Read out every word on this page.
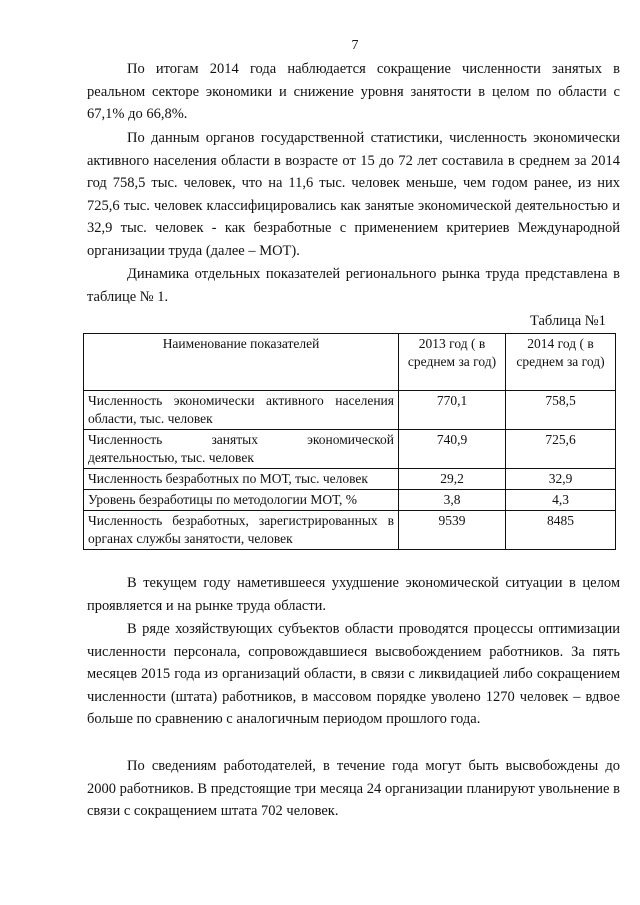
7

По итогам 2014 года наблюдается сокращение численности занятых в реальном секторе экономики и снижение уровня занятости в целом по области с 67,1% до 66,8%.

По данным органов государственной статистики, численность экономически активного населения области в возрасте от 15 до 72 лет составила в среднем за 2014 год 758,5 тыс. человек, что на 11,6 тыс. человек меньше, чем годом ранее, из них 725,6 тыс. человек классифицировались как занятые экономической деятельностью и 32,9 тыс. человек - как безработные с применением критериев Международной организации труда (далее – МОТ).

Динамика отдельных показателей регионального рынка труда представлена в таблице № 1.

Таблица №1
Наименование показателей	2013 год ( в среднем за год)	2014 год ( в среднем за год)
Численность экономически активного населения области, тыс. человек	770,1	758,5
Численность занятых экономической деятельностью, тыс. человек	740,9	725,6
Численность безработных по МОТ, тыс. человек	29,2	32,9
Уровень безработицы по методологии МОТ, %	3,8	4,3
Численность безработных, зарегистрированных в органах службы занятости, человек	9539	8485

В текущем году наметившееся ухудшение экономической ситуации в целом проявляется и на рынке труда области.

В ряде хозяйствующих субъектов области проводятся процессы оптимизации численности персонала, сопровождавшиеся высвобождением работников. За пять месяцев 2015 года из организаций области, в связи с ликвидацией либо сокращением численности (штата) работников, в массовом порядке уволено 1270 человек – вдвое больше по сравнению с аналогичным периодом прошлого года.

По сведениям работодателей, в течение года могут быть высвобождены до 2000 работников. В предстоящие три месяца 24 организации планируют увольнение в связи с сокращением штата 702 человек.
